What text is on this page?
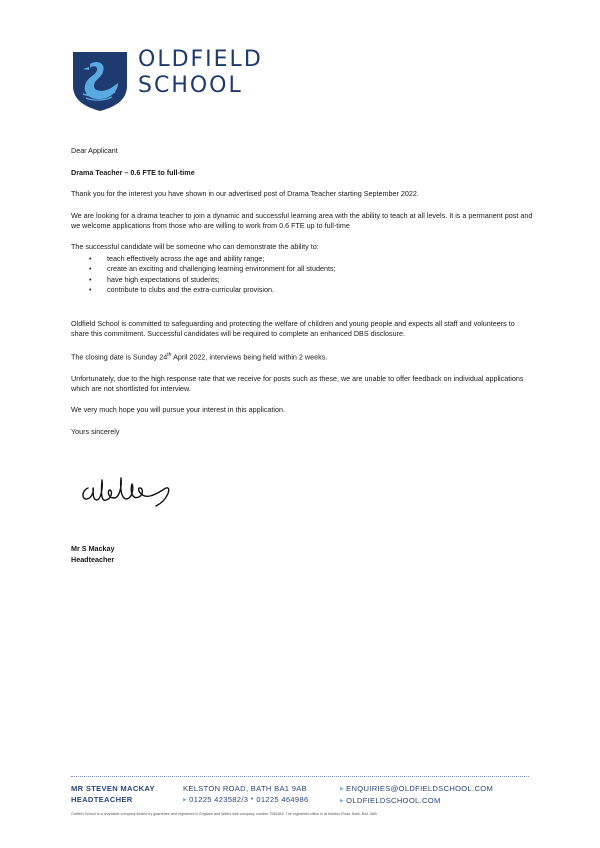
OLDFIELD
SCHOOL

Dear Applicant

Drama Teacher – 0.6 FTE to full-time

Thank you for the interest you have shown in our advertised post of Drama Teacher starting September 2022.

We are looking for a drama teacher to join a dynamic and successful learning area with the ability to teach at all levels. It is a permanent post and we welcome applications from those who are willing to work from 0.6 FTE up to full-time

The successful candidate will be someone who can demonstrate the ability to:

• teach effectively across the age and ability range;
• create an exciting and challenging learning environment for all students;
• have high expectations of students;
• contribute to clubs and the extra-curricular provision.

Oldfield School is committed to safeguarding and protecting the welfare of children and young people and expects all staff and volunteers to share this commitment. Successful candidates will be required to complete an enhanced DBS disclosure.

The closing date is Sunday 24th April 2022, interviews being held within 2 weeks.

Unfortunately, due to the high response rate that we receive for posts such as these, we are unable to offer feedback on individual applications which are not shortlisted for interview.

We very much hope you will pursue your interest in this application.

Yours sincerely

Mr S Mackay
Headteacher
MR STEVEN MACKAY
HEADTEACHER
KELSTON ROAD, BATH BA1 9AB
▶ 01225 423582/3 * 01225 464986
▶ ENQUIRIES@OLDFIELDSCHOOL.COM
▶ OLDFIELDSCHOOL.COM
Oldfield School is a charitable company limited by guarantee and registered in England and Wales with company number 7545365. The registered office is at Kelston Road, Bath, BA1 9AB
